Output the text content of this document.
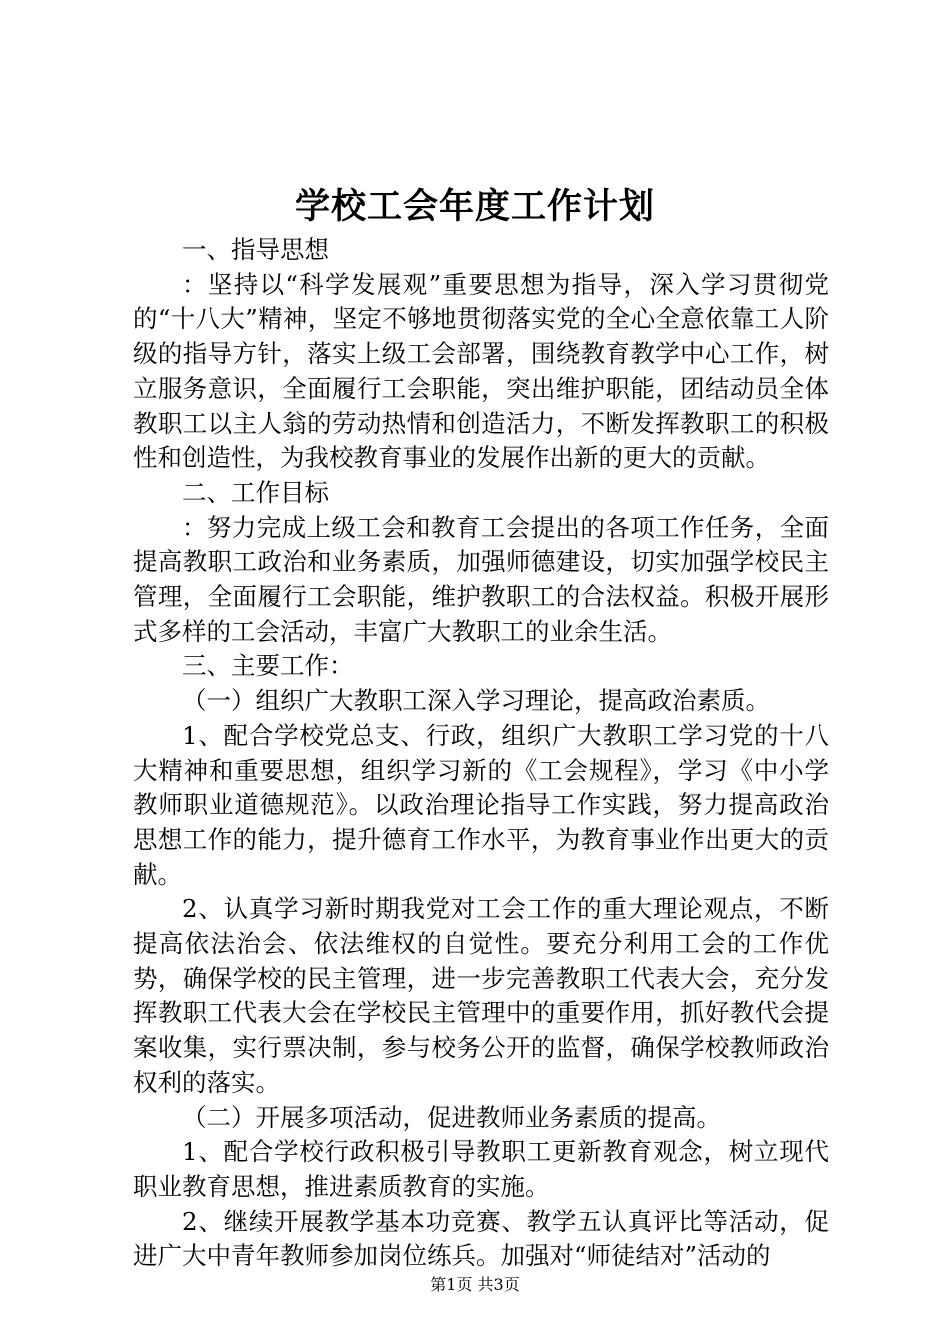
学校工会年度工作计划

一、指导思想

：坚持以“科学发展观”重要思想为指导，深入学习贯彻党的“十八大”精神，坚定不够地贯彻落实党的全心全意依靠工人阶级的指导方针，落实上级工会部署，围绕教育教学中心工作，树立服务意识，全面履行工会职能，突出维护职能，团结动员全体教职工以主人翁的劳动热情和创造活力，不断发挥教职工的积极性和创造性，为我校教育事业的发展作出新的更大的贡献。

二、工作目标

：努力完成上级工会和教育工会提出的各项工作任务，全面提高教职工政治和业务素质，加强师德建设，切实加强学校民主管理，全面履行工会职能，维护教职工的合法权益。积极开展形式多样的工会活动，丰富广大教职工的业余生活。

三、主要工作：

（一）组织广大教职工深入学习理论，提高政治素质。

1、配合学校党总支、行政，组织广大教职工学习党的十八大精神和重要思想，组织学习新的《工会规程》，学习《中小学教师职业道德规范》。以政治理论指导工作实践，努力提高政治思想工作的能力，提升德育工作水平，为教育事业作出更大的贡献。

2、认真学习新时期我党对工会工作的重大理论观点，不断提高依法治会、依法维权的自觉性。要充分利用工会的工作优势，确保学校的民主管理，进一步完善教职工代表大会，充分发挥教职工代表大会在学校民主管理中的重要作用，抓好教代会提案收集，实行票决制，参与校务公开的监督，确保学校教师政治权利的落实。

（二）开展多项活动，促进教师业务素质的提高。

1、配合学校行政积极引导教职工更新教育观念，树立现代职业教育思想，推进素质教育的实施。

2、继续开展教学基本功竞赛、教学五认真评比等活动，促进广大中青年教师参加岗位练兵。加强对“师徒结对”活动的

第1页 共3页
